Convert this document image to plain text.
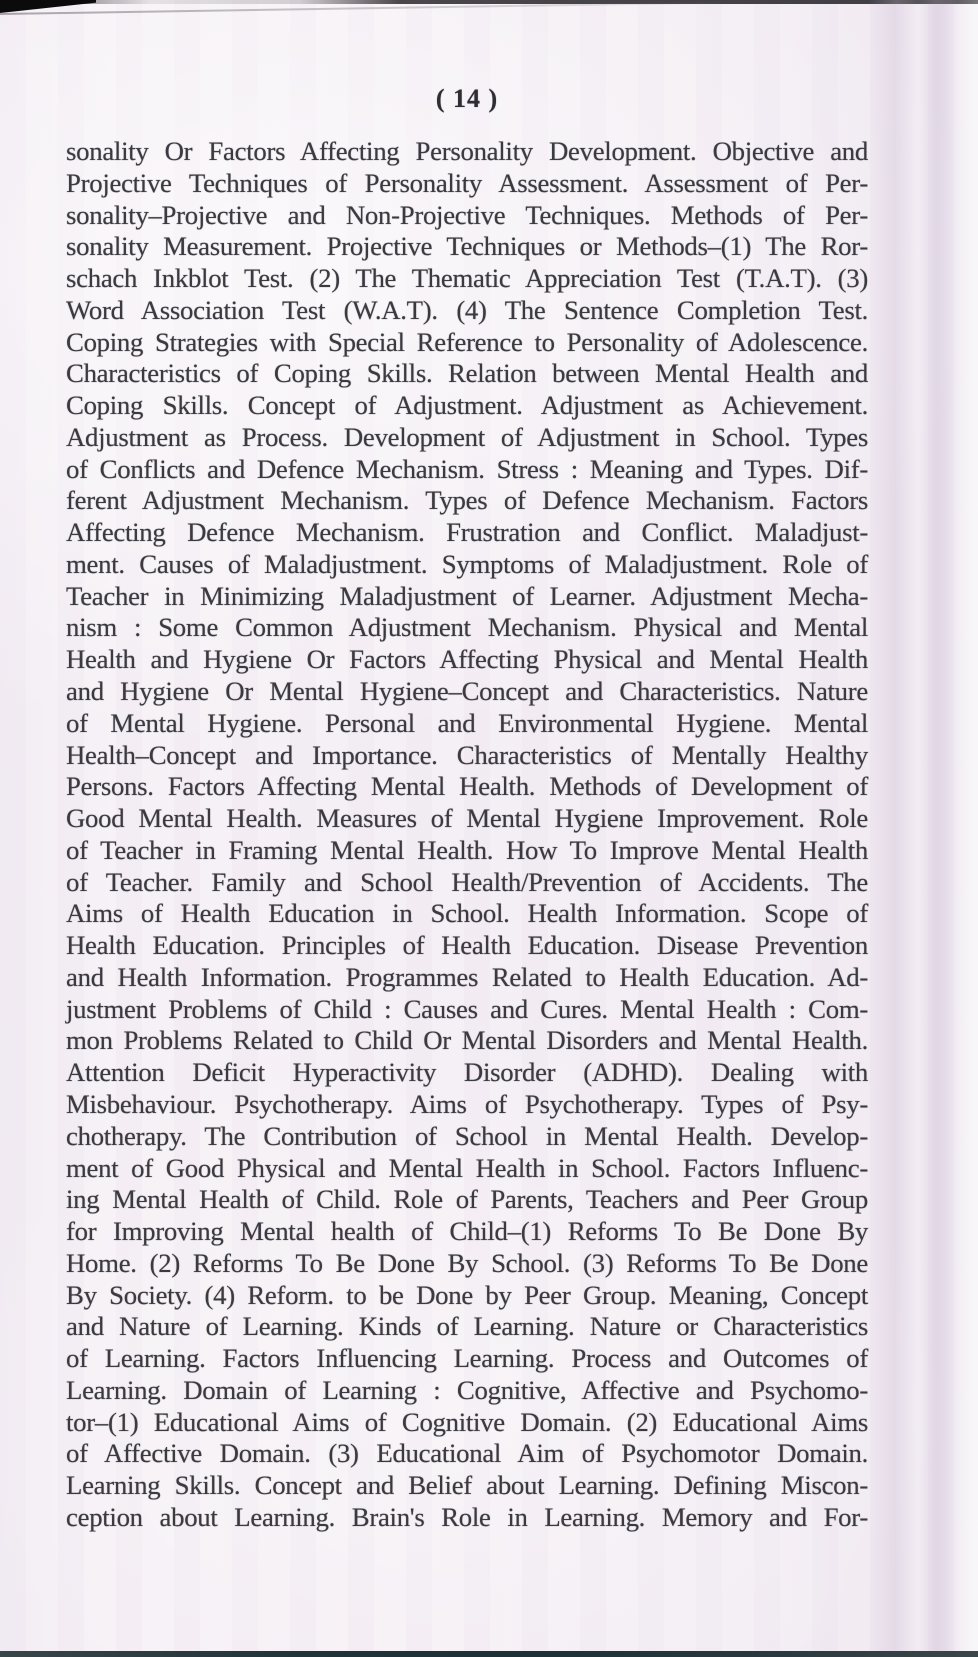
( 14 )
sonality Or Factors Affecting Personality Development. Objective and
Projective Techniques of Personality Assessment. Assessment of Per-
sonality–Projective and Non-Projective Techniques. Methods of Per-
sonality Measurement. Projective Techniques or Methods–(1) The Ror-
schach Inkblot Test. (2) The Thematic Appreciation Test (T.A.T). (3)
Word Association Test (W.A.T). (4) The Sentence Completion Test.
Coping Strategies with Special Reference to Personality of Adolescence.
Characteristics of Coping Skills. Relation between Mental Health and
Coping Skills. Concept of Adjustment. Adjustment as Achievement.
Adjustment as Process. Development of Adjustment in School. Types
of Conflicts and Defence Mechanism. Stress : Meaning and Types. Dif-
ferent Adjustment Mechanism. Types of Defence Mechanism. Factors
Affecting Defence Mechanism. Frustration and Conflict. Maladjust-
ment. Causes of Maladjustment. Symptoms of Maladjustment. Role of
Teacher in Minimizing Maladjustment of Learner. Adjustment Mecha-
nism : Some Common Adjustment Mechanism. Physical and Mental
Health and Hygiene Or Factors Affecting Physical and Mental Health
and Hygiene Or Mental Hygiene–Concept and Characteristics. Nature
of Mental Hygiene. Personal and Environmental Hygiene. Mental
Health–Concept and Importance. Characteristics of Mentally Healthy
Persons. Factors Affecting Mental Health. Methods of Development of
Good Mental Health. Measures of Mental Hygiene Improvement. Role
of Teacher in Framing Mental Health. How To Improve Mental Health
of Teacher. Family and School Health/Prevention of Accidents. The
Aims of Health Education in School. Health Information. Scope of
Health Education. Principles of Health Education. Disease Prevention
and Health Information. Programmes Related to Health Education. Ad-
justment Problems of Child : Causes and Cures. Mental Health : Com-
mon Problems Related to Child Or Mental Disorders and Mental Health.
Attention Deficit Hyperactivity Disorder (ADHD). Dealing with
Misbehaviour. Psychotherapy. Aims of Psychotherapy. Types of Psy-
chotherapy. The Contribution of School in Mental Health. Develop-
ment of Good Physical and Mental Health in School. Factors Influenc-
ing Mental Health of Child. Role of Parents, Teachers and Peer Group
for Improving Mental health of Child–(1) Reforms To Be Done By
Home. (2) Reforms To Be Done By School. (3) Reforms To Be Done
By Society. (4) Reform. to be Done by Peer Group. Meaning, Concept
and Nature of Learning. Kinds of Learning. Nature or Characteristics
of Learning. Factors Influencing Learning. Process and Outcomes of
Learning. Domain of Learning : Cognitive, Affective and Psychomo-
tor–(1) Educational Aims of Cognitive Domain. (2) Educational Aims
of Affective Domain. (3) Educational Aim of Psychomotor Domain.
Learning Skills. Concept and Belief about Learning. Defining Miscon-
ception about Learning. Brain's Role in Learning. Memory and For-
